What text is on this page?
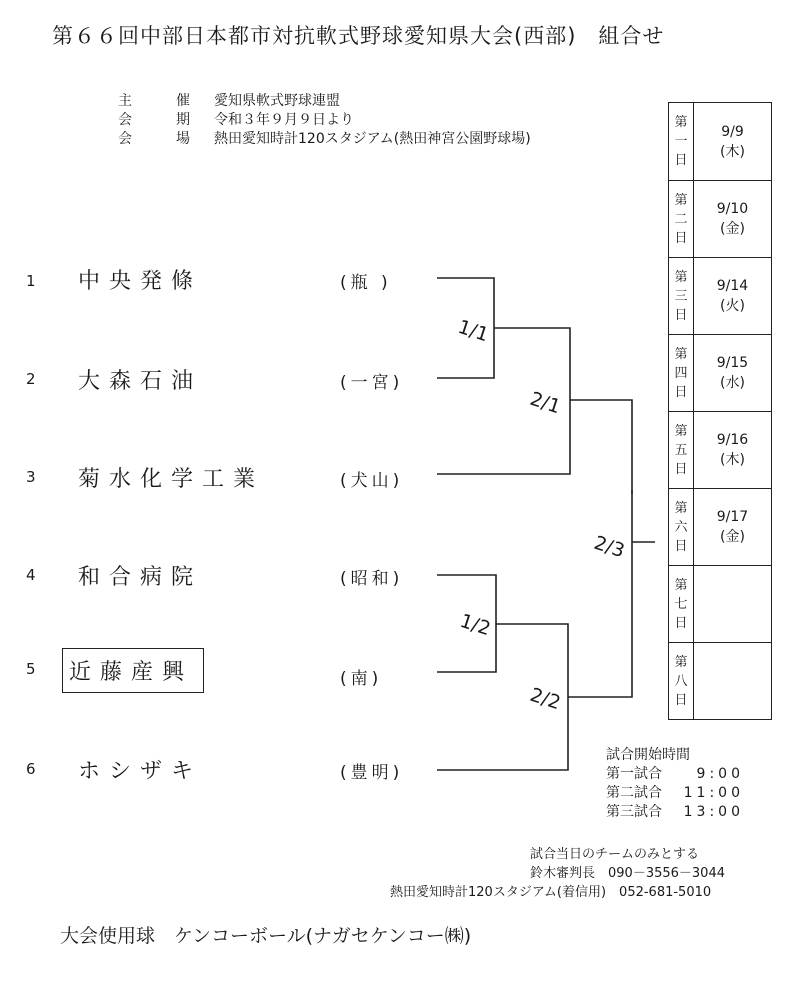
第６６回中部日本都市対抗軟式野球愛知県大会(西部)　組合せ
主	催 愛知県軟式野球連盟
会	期 令和３年９月９日より
会	場 熱田愛知時計120スタジアム(熱田神宮公園野球場)
1 中央発條	(瓶 )
2 大森石油	(一宮)
3 菊水化学工業	(犬山)
4 和合病院	(昭和)
5	近藤産興	(南)
6 ホシザキ	(豊明)
1/1
2/1
1/2
2/2
2/3
第
一
日	9/9
(木)
第
二
日	9/10
(金)
第
三
日	9/14
(火)
第
四
日	9/15
(水)
第
五
日	9/16
(木)
第
六
日	9/17
(金)
第
七
日	

第
八
日	

試合開始時間
第一試合 9:00
第二試合 11:00
第三試合 13:00
試合当日のチームのみとする
鈴木審判長　090－3556－3044
熱田愛知時計120スタジアム(着信用)　052-681-5010
大会使用球　ケンコーボール(ナガセケンコー㈱)
